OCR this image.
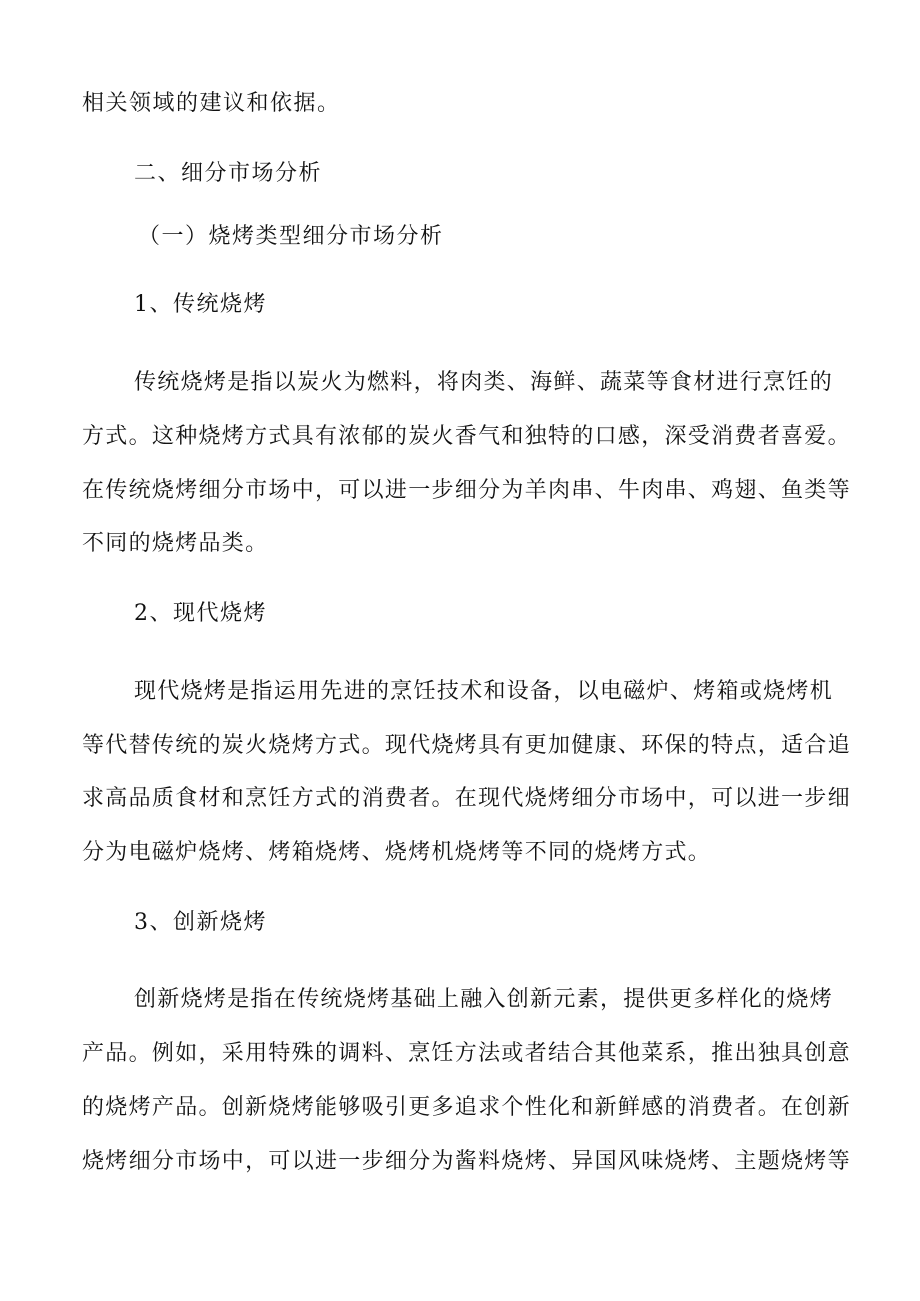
相关领域的建议和依据。
二、细分市场分析
（一）烧烤类型细分市场分析
1、传统烧烤
传统烧烤是指以炭火为燃料，将肉类、海鲜、蔬菜等食材进行烹饪的
方式。这种烧烤方式具有浓郁的炭火香气和独特的口感，深受消费者喜爱。
在传统烧烤细分市场中，可以进一步细分为羊肉串、牛肉串、鸡翅、鱼类等
不同的烧烤品类。
2、现代烧烤
现代烧烤是指运用先进的烹饪技术和设备，以电磁炉、烤箱或烧烤机
等代替传统的炭火烧烤方式。现代烧烤具有更加健康、环保的特点，适合追
求高品质食材和烹饪方式的消费者。在现代烧烤细分市场中，可以进一步细
分为电磁炉烧烤、烤箱烧烤、烧烤机烧烤等不同的烧烤方式。
3、创新烧烤
创新烧烤是指在传统烧烤基础上融入创新元素，提供更多样化的烧烤
产品。例如，采用特殊的调料、烹饪方法或者结合其他菜系，推出独具创意
的烧烤产品。创新烧烤能够吸引更多追求个性化和新鲜感的消费者。在创新
烧烤细分市场中，可以进一步细分为酱料烧烤、异国风味烧烤、主题烧烤等
